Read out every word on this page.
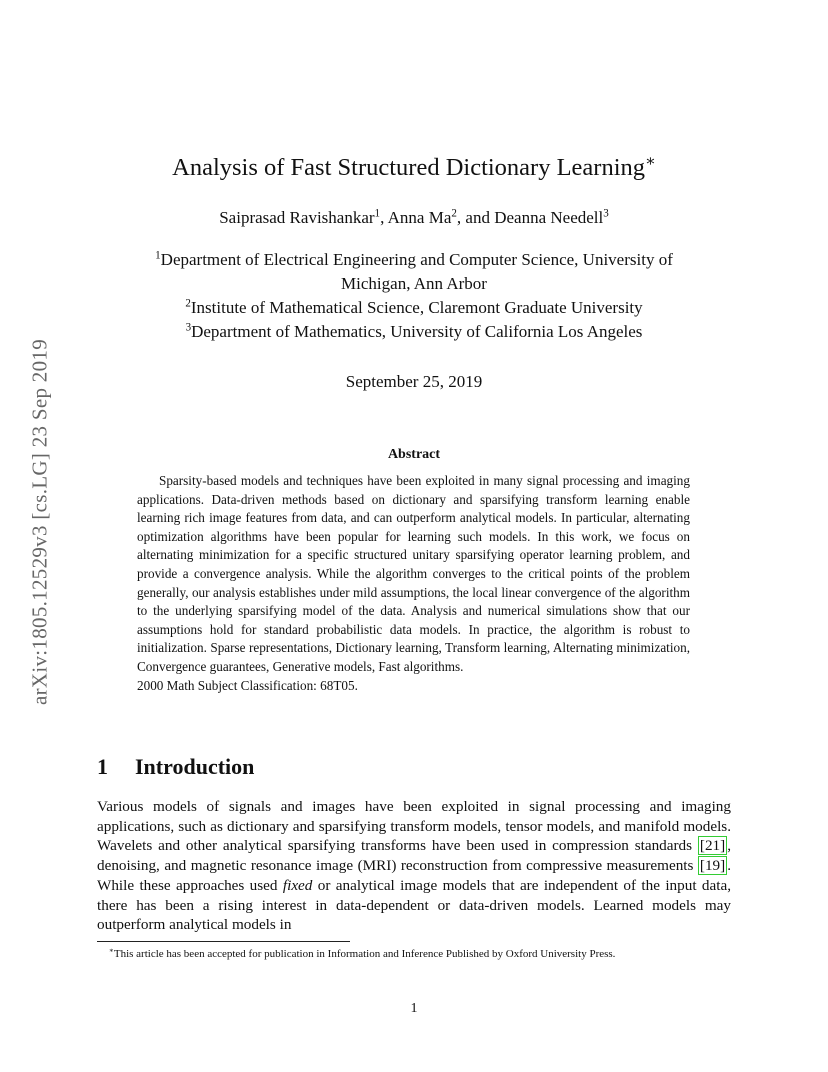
arXiv:1805.12529v3 [cs.LG] 23 Sep 2019
Analysis of Fast Structured Dictionary Learning∗
Saiprasad Ravishankar$^1$, Anna Ma$^2$, and Deanna Needell$^3$
$^1$Department of Electrical Engineering and Computer Science, University of
Michigan, Ann Arbor
$^2$Institute of Mathematical Science, Claremont Graduate University
$^3$Department of Mathematics, University of California Los Angeles
September 25, 2019
Abstract

Sparsity-based models and techniques have been exploited in many signal processing and imaging applications. Data-driven methods based on dictionary and sparsifying transform learning enable learning rich image features from data, and can outperform analytical models. In particular, alternating optimization algorithms have been popular for learning such models. In this work, we focus on alternating minimization for a specific structured unitary sparsifying operator learning problem, and provide a convergence analysis. While the algorithm converges to the critical points of the problem generally, our analysis establishes under mild assumptions, the local linear convergence of the algorithm to the underlying sparsifying model of the data. Analysis and numerical simulations show that our assumptions hold for standard probabilistic data models. In practice, the algorithm is robust to initialization. Sparse representations, Dictionary learning, Transform learning, Alternating minimization, Convergence guarantees, Generative models, Fast algorithms.

2000 Math Subject Classification: 68T05.

1 Introduction

Various models of signals and images have been exploited in signal processing and imaging applications, such as dictionary and sparsifying transform models, tensor models, and manifold models. Wavelets and other analytical sparsifying transforms have been used in compression standards [21] , denoising, and magnetic resonance image (MRI) reconstruction from compressive measurements [19] . While these approaches used fixed or analytical image models that are independent of the input data, there has been a rising interest in data-dependent or data-driven models. Learned models may outperform analytical models in

∗This article has been accepted for publication in Information and Inference Published by Oxford University Press.

1
